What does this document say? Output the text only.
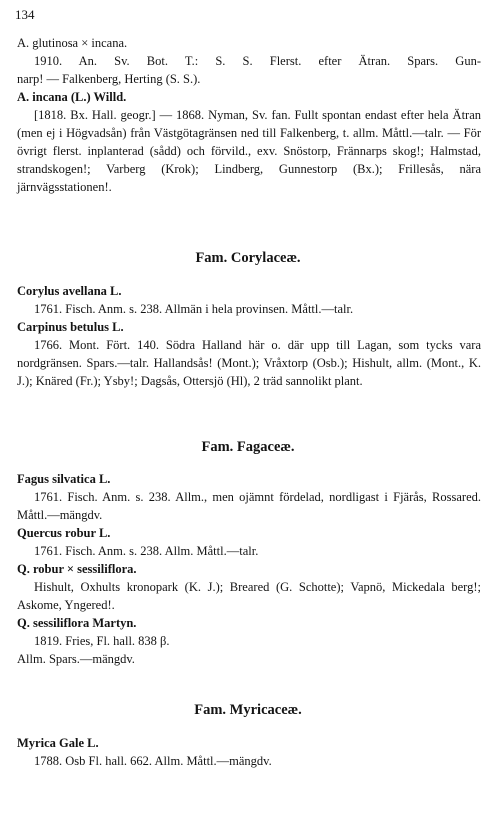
134
A. glutinosa × incana.
1910. An. Sv. Bot. T.: S. S. Flerst. efter Ätran. Spars. Gun-
narp! — Falkenberg, Herting (S. S.).
A. incana (L.) Willd.
[1818. Bx. Hall. geogr.] — 1868. Nyman, Sv. fan. Fullt spontan endast efter hela Ätran (men ej i Högvadsån) från Västgötagränsen ned till Falkenberg, t. allm. Måttl.—talr. — För övrigt flerst. inplanterad (sådd) och förvild., exv. Snöstorp, Frännarps skog!; Halmstad, strandskogen!; Varberg (Krok); Lindberg, Gunnestorp (Bx.); Frillesås, nära järnvägsstationen!.
Fam. Corylaceæ.
Corylus avellana L.
1761. Fisch. Anm. s. 238. Allmän i hela provinsen. Måttl.—talr.
Carpinus betulus L.
1766. Mont. Fört. 140. Södra Halland här o. där upp till Lagan, som tycks vara nordgränsen. Spars.—talr. Hallandsås! (Mont.); Vråxtorp (Osb.); Hishult, allm. (Mont., K. J.); Knäred (Fr.); Ysby!; Dagsås, Ottersjö (Hl), 2 träd sannolikt plant.
Fam. Fagaceæ.
Fagus silvatica L.
1761. Fisch. Anm. s. 238. Allm., men ojämnt fördelad, nordligast i Fjärås, Rossared. Måttl.—mängdv.
Quercus robur L.
1761. Fisch. Anm. s. 238. Allm. Måttl.—talr.
Q. robur × sessiliflora.
Hishult, Oxhults kronopark (K. J.); Breared (G. Schotte); Vapnö, Mickedala berg!; Askome, Yngered!.
Q. sessiliflora Martyn.
1819. Fries, Fl. hall. 838 β.
Allm. Spars.—mängdv.
Fam. Myricaceæ.
Myrica Gale L.
1788. Osb Fl. hall. 662. Allm. Måttl.—mängdv.
